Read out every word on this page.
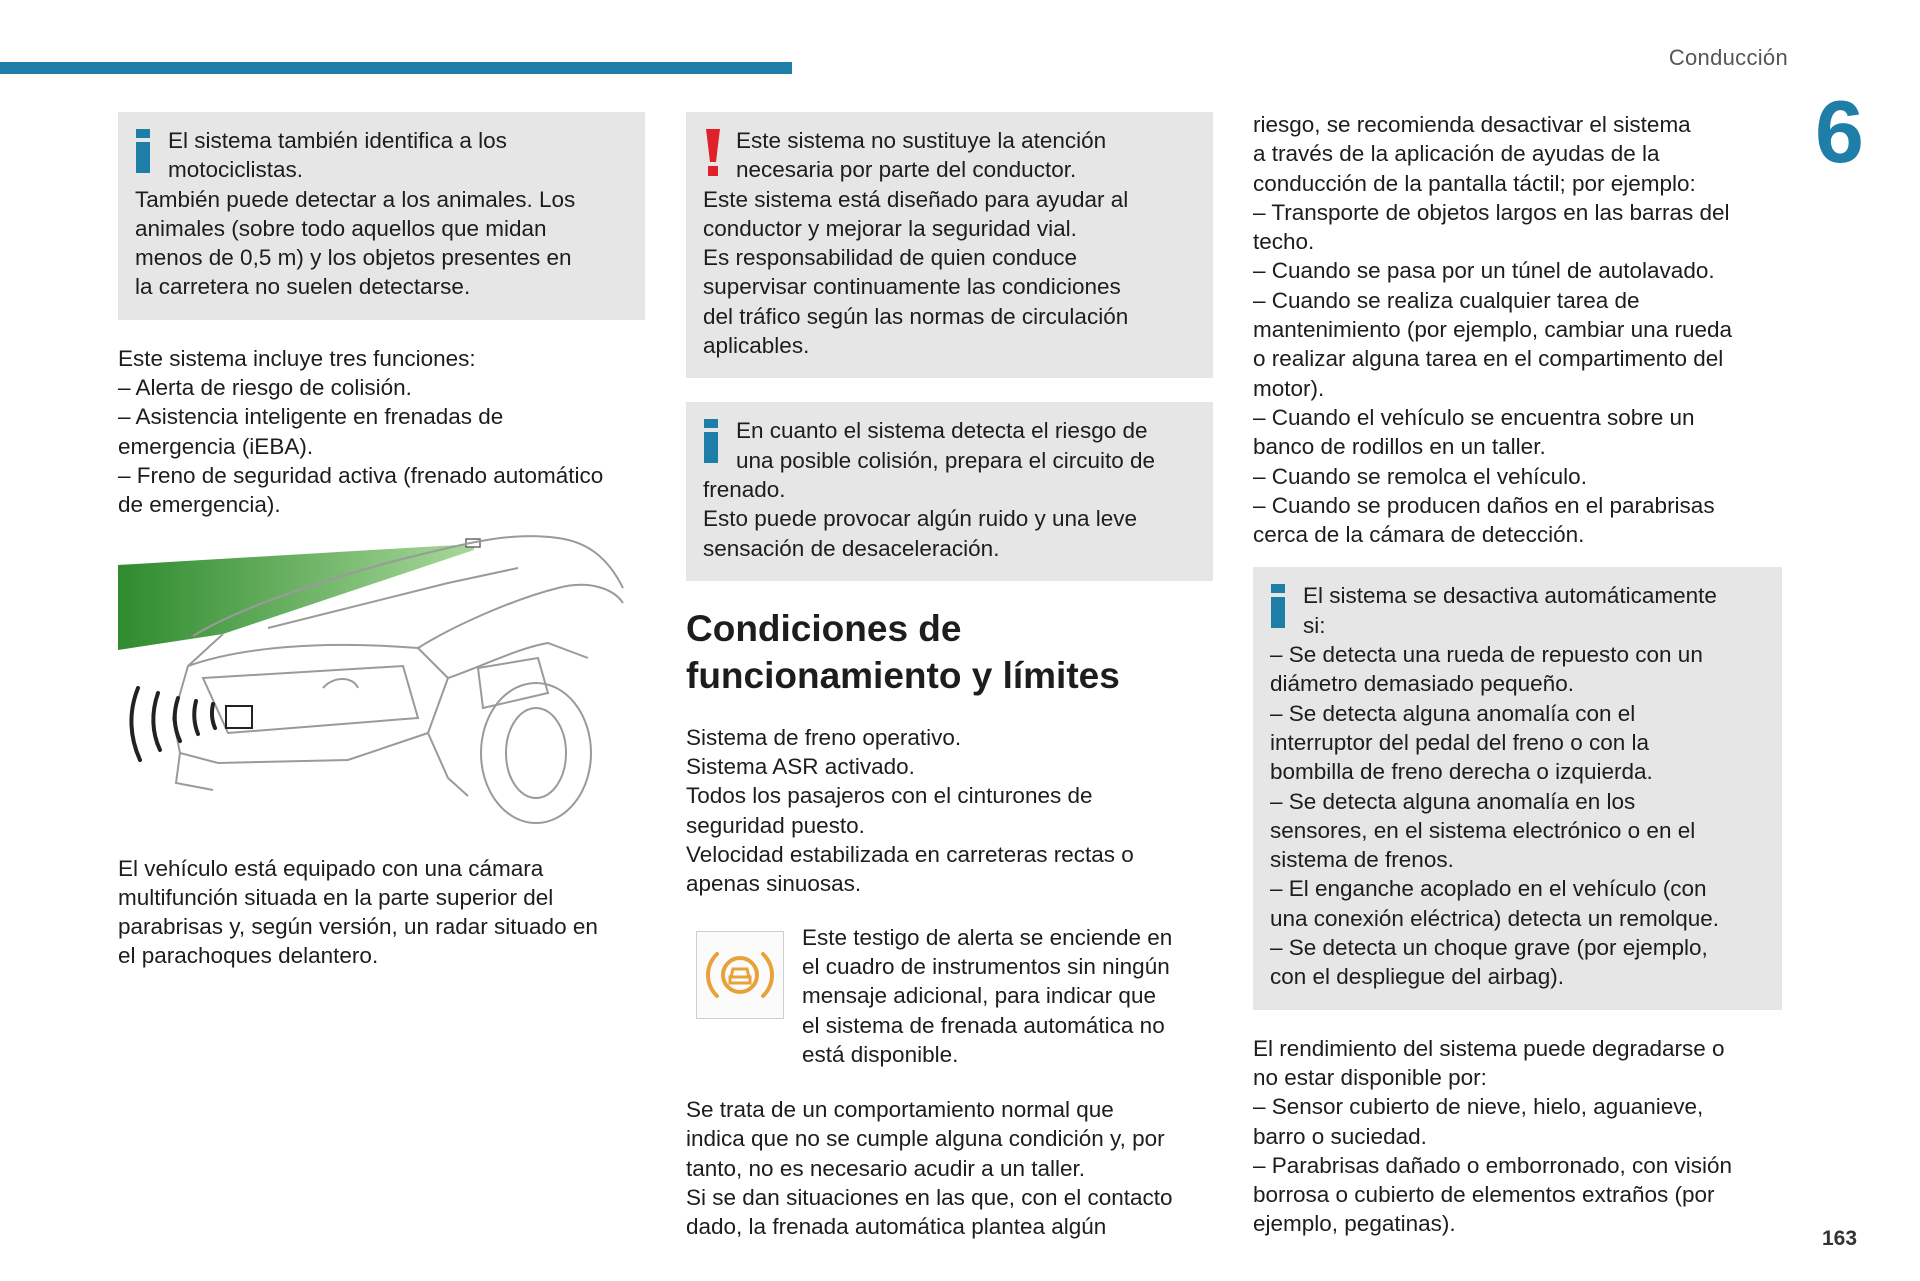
Conducción
6
163
El sistema también identifica a los
motociclistas.
También puede detectar a los animales. Los
animales (sobre todo aquellos que midan
menos de 0,5 m) y los objetos presentes en
la carretera no suelen detectarse.
Este sistema incluye tres funciones:
– Alerta de riesgo de colisión.
– Asistencia inteligente en frenadas de
emergencia (iEBA).
– Freno de seguridad activa (frenado automático
de emergencia).
El vehículo está equipado con una cámara
multifunción situada en la parte superior del
parabrisas y, según versión, un radar situado en
el parachoques delantero.
Este sistema no sustituye la atención
necesaria por parte del conductor.
Este sistema está diseñado para ayudar al
conductor y mejorar la seguridad vial.
Es responsabilidad de quien conduce
supervisar continuamente las condiciones
del tráfico según las normas de circulación
aplicables.
En cuanto el sistema detecta el riesgo de
una posible colisión, prepara el circuito de
frenado.
Esto puede provocar algún ruido y una leve
sensación de desaceleración.
Condiciones de
funcionamiento y límites
Sistema de freno operativo.
Sistema ASR activado.
Todos los pasajeros con el cinturones de
seguridad puesto.
Velocidad estabilizada en carreteras rectas o
apenas sinuosas.
Este testigo de alerta se enciende en
el cuadro de instrumentos sin ningún
mensaje adicional, para indicar que
el sistema de frenada automática no
está disponible.
Se trata de un comportamiento normal que
indica que no se cumple alguna condición y, por
tanto, no es necesario acudir a un taller.
Si se dan situaciones en las que, con el contacto
dado, la frenada automática plantea algún
riesgo, se recomienda desactivar el sistema
a través de la aplicación de ayudas de la
conducción de la pantalla táctil; por ejemplo:
– Transporte de objetos largos en las barras del
techo.
– Cuando se pasa por un túnel de autolavado.
– Cuando se realiza cualquier tarea de
mantenimiento (por ejemplo, cambiar una rueda
o realizar alguna tarea en el compartimento del
motor).
– Cuando el vehículo se encuentra sobre un
banco de rodillos en un taller.
– Cuando se remolca el vehículo.
– Cuando se producen daños en el parabrisas
cerca de la cámara de detección.
El sistema se desactiva automáticamente
si:
– Se detecta una rueda de repuesto con un
diámetro demasiado pequeño.
– Se detecta alguna anomalía con el
interruptor del pedal del freno o con la
bombilla de freno derecha o izquierda.
– Se detecta alguna anomalía en los
sensores, en el sistema electrónico o en el
sistema de frenos.
– El enganche acoplado en el vehículo (con
una conexión eléctrica) detecta un remolque.
– Se detecta un choque grave (por ejemplo,
con el despliegue del airbag).
El rendimiento del sistema puede degradarse o
no estar disponible por:
– Sensor cubierto de nieve, hielo, aguanieve,
barro o suciedad.
– Parabrisas dañado o emborronado, con visión
borrosa o cubierto de elementos extraños (por
ejemplo, pegatinas).
